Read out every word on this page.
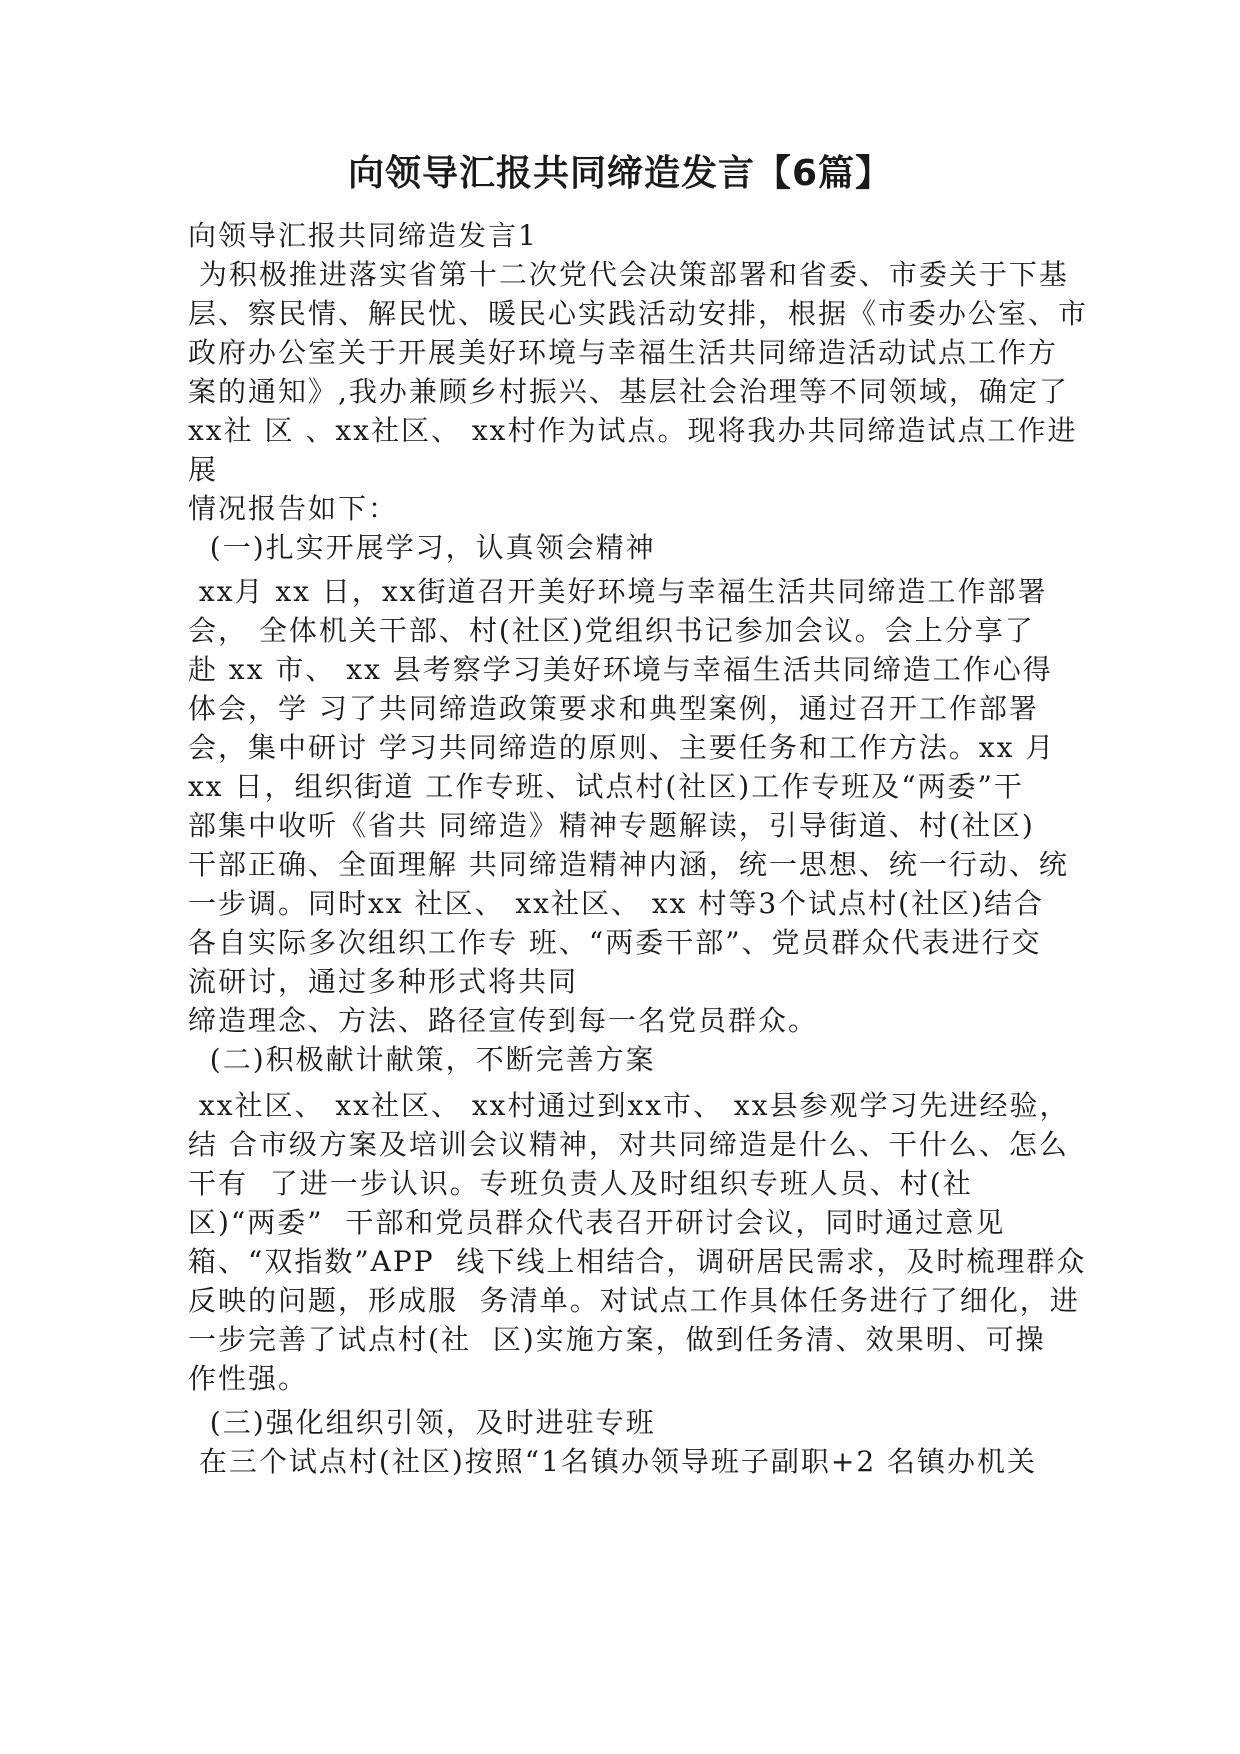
向领导汇报共同缔造发言【6篇】
向领导汇报共同缔造发言1
为积极推进落实省第十二次党代会决策部署和省委、市委关于下基
层、察民情、解民忧、暖民心实践活动安排，根据《市委办公室、市
政府办公室关于开展美好环境与幸福生活共同缔造活动试点工作方
案的通知》,我办兼顾乡村振兴、基层社会治理等不同领域，确定了
xx社 区 、xx社区、 xx村作为试点。现将我办共同缔造试点工作进
展
情况报告如下：
(一)扎实开展学习，认真领会精神
xx月 xx 日，xx街道召开美好环境与幸福生活共同缔造工作部署
会， 全体机关干部、村(社区)党组织书记参加会议。会上分享了
赴 xx 市、 xx 县考察学习美好环境与幸福生活共同缔造工作心得
体会，学 习了共同缔造政策要求和典型案例，通过召开工作部署
会，集中研讨 学习共同缔造的原则、主要任务和工作方法。xx 月
xx 日，组织街道 工作专班、试点村(社区)工作专班及“两委”干
部集中收听《省共 同缔造》精神专题解读，引导街道、村(社区)
干部正确、全面理解 共同缔造精神内涵，统一思想、统一行动、统
一步调。同时xx 社区、 xx社区、 xx 村等3个试点村(社区)结合
各自实际多次组织工作专 班、“两委干部”、党员群众代表进行交
流研讨，通过多种形式将共同
缔造理念、方法、路径宣传到每一名党员群众。
(二)积极献计献策，不断完善方案
xx社区、 xx社区、 xx村通过到xx市、 xx县参观学习先进经验，
结 合市级方案及培训会议精神，对共同缔造是什么、干什么、怎么
干有  了进一步认识。专班负责人及时组织专班人员、村(社
区)“两委”  干部和党员群众代表召开研讨会议，同时通过意见
箱、“双指数”APP  线下线上相结合，调研居民需求，及时梳理群众
反映的问题，形成服  务清单。对试点工作具体任务进行了细化，进
一步完善了试点村(社  区)实施方案，做到任务清、效果明、可操
作性强。
(三)强化组织引领，及时进驻专班
在三个试点村(社区)按照“1名镇办领导班子副职+2 名镇办机关
